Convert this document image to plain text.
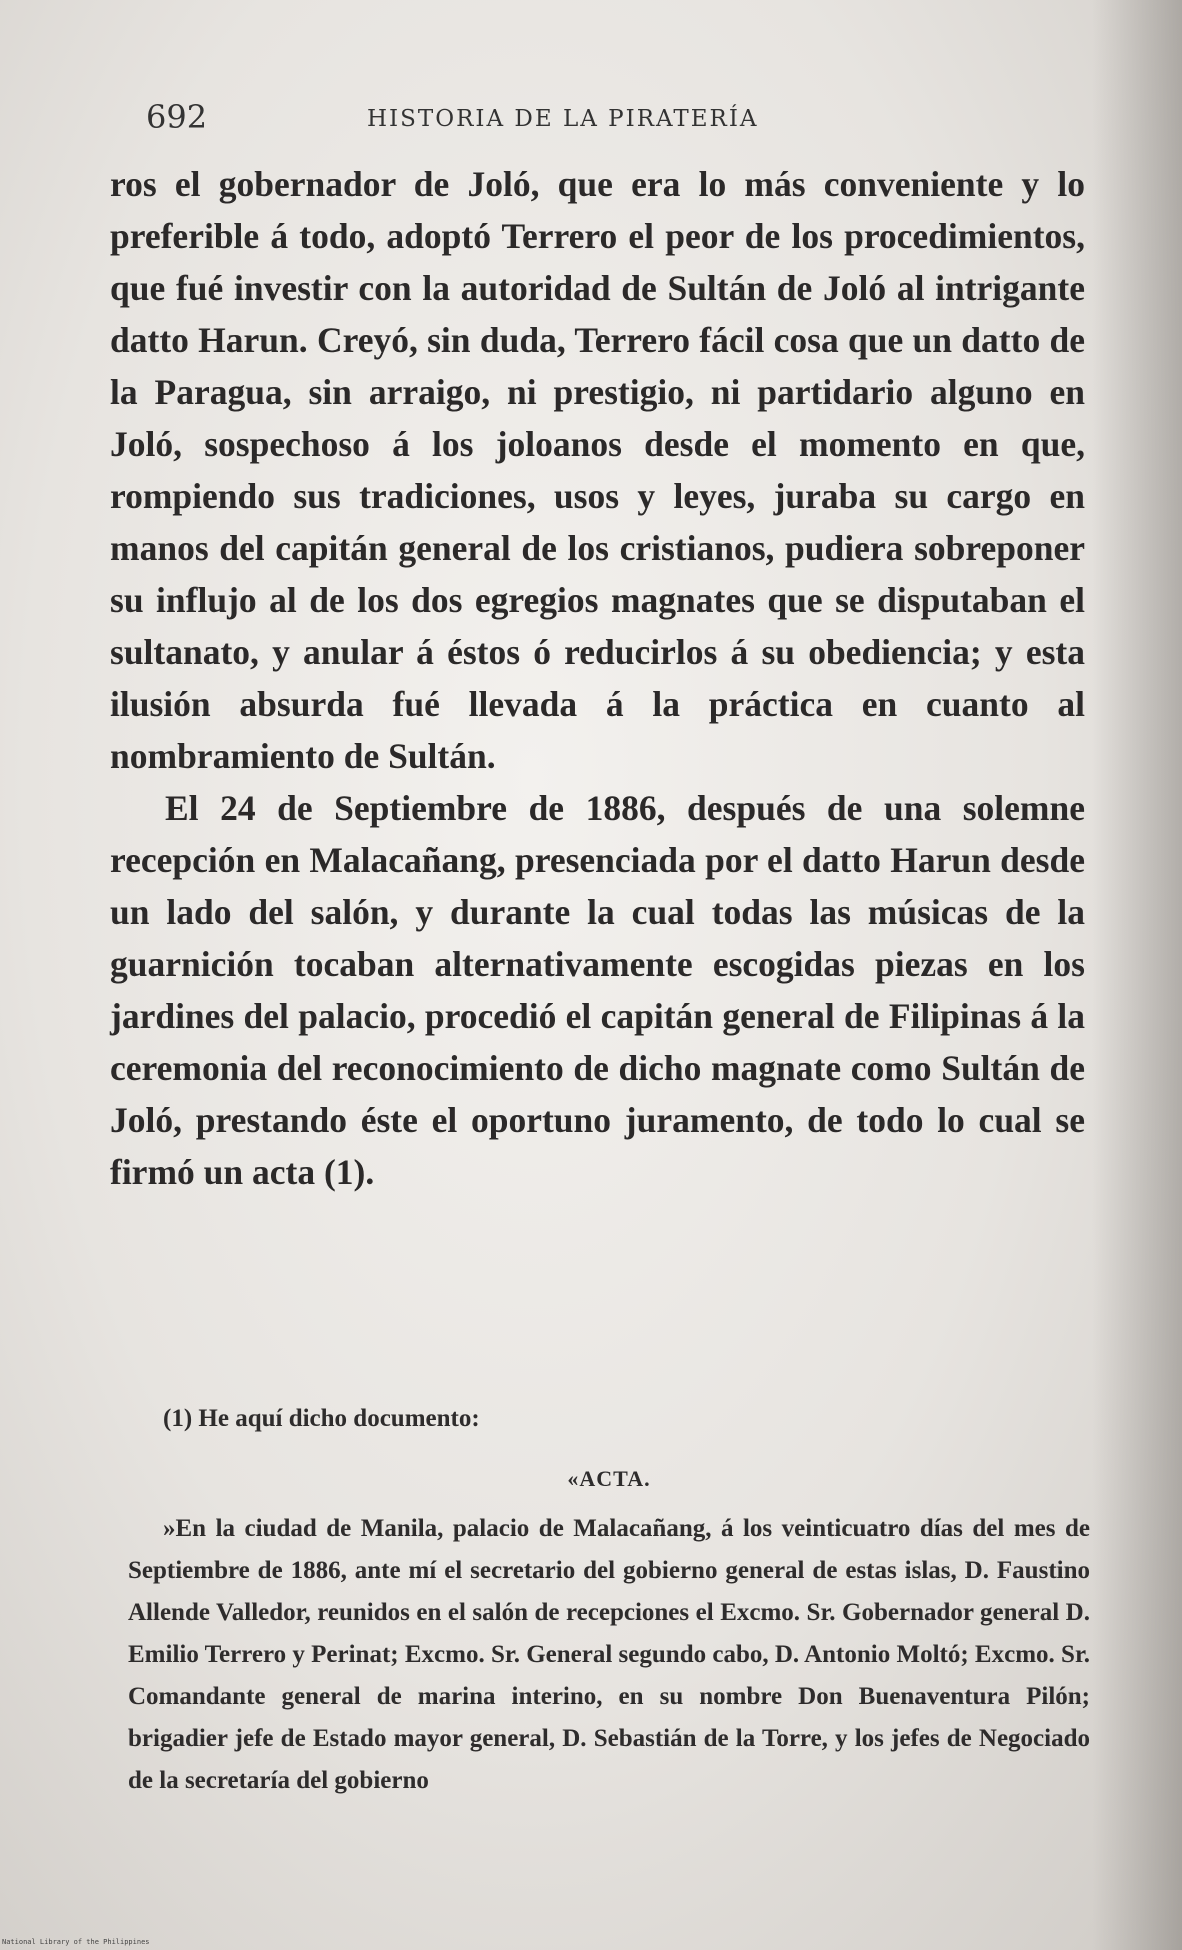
692	HISTORIA DE LA PIRATERÍA

ros el gobernador de Joló, que era lo más conveniente y lo preferible á todo, adoptó Terrero el peor de los procedimientos, que fué investir con la autoridad de Sultán de Joló al intrigante datto Harun. Creyó, sin duda, Terrero fácil cosa que un datto de la Paragua, sin arraigo, ni prestigio, ni partidario alguno en Joló, sospechoso á los joloanos desde el momento en que, rompiendo sus tradiciones, usos y leyes, juraba su cargo en manos del capitán general de los cristianos, pudiera sobreponer su influjo al de los dos egregios magnates que se disputaban el sultanato, y anular á éstos ó reducirlos á su obediencia; y esta ilusión absurda fué llevada á la práctica en cuanto al nombramiento de Sultán.

El 24 de Septiembre de 1886, después de una solemne recepción en Malacañang, presenciada por el datto Harun desde un lado del salón, y durante la cual todas las músicas de la guarnición tocaban alternativamente escogidas piezas en los jardines del palacio, procedió el capitán general de Filipinas á la ceremonia del reconocimiento de dicho magnate como Sultán de Joló, prestando éste el oportuno juramento, de todo lo cual se firmó un acta (1).

(1) He aquí dicho documento:

«ACTA.

»En la ciudad de Manila, palacio de Malacañang, á los veinticuatro días del mes de Septiembre de 1886, ante mí el secretario del gobierno general de estas islas, D. Faustino Allende Valledor, reunidos en el salón de recepciones el Excmo. Sr. Gobernador general D. Emilio Terrero y Perinat; Excmo. Sr. General segundo cabo, D. Antonio Moltó; Excmo. Sr. Comandante general de marina interino, en su nombre Don Buenaventura Pilón; brigadier jefe de Estado mayor general, D. Sebastián de la Torre, y los jefes de Negociado de la secretaría del gobierno

National Library of the Philippines
